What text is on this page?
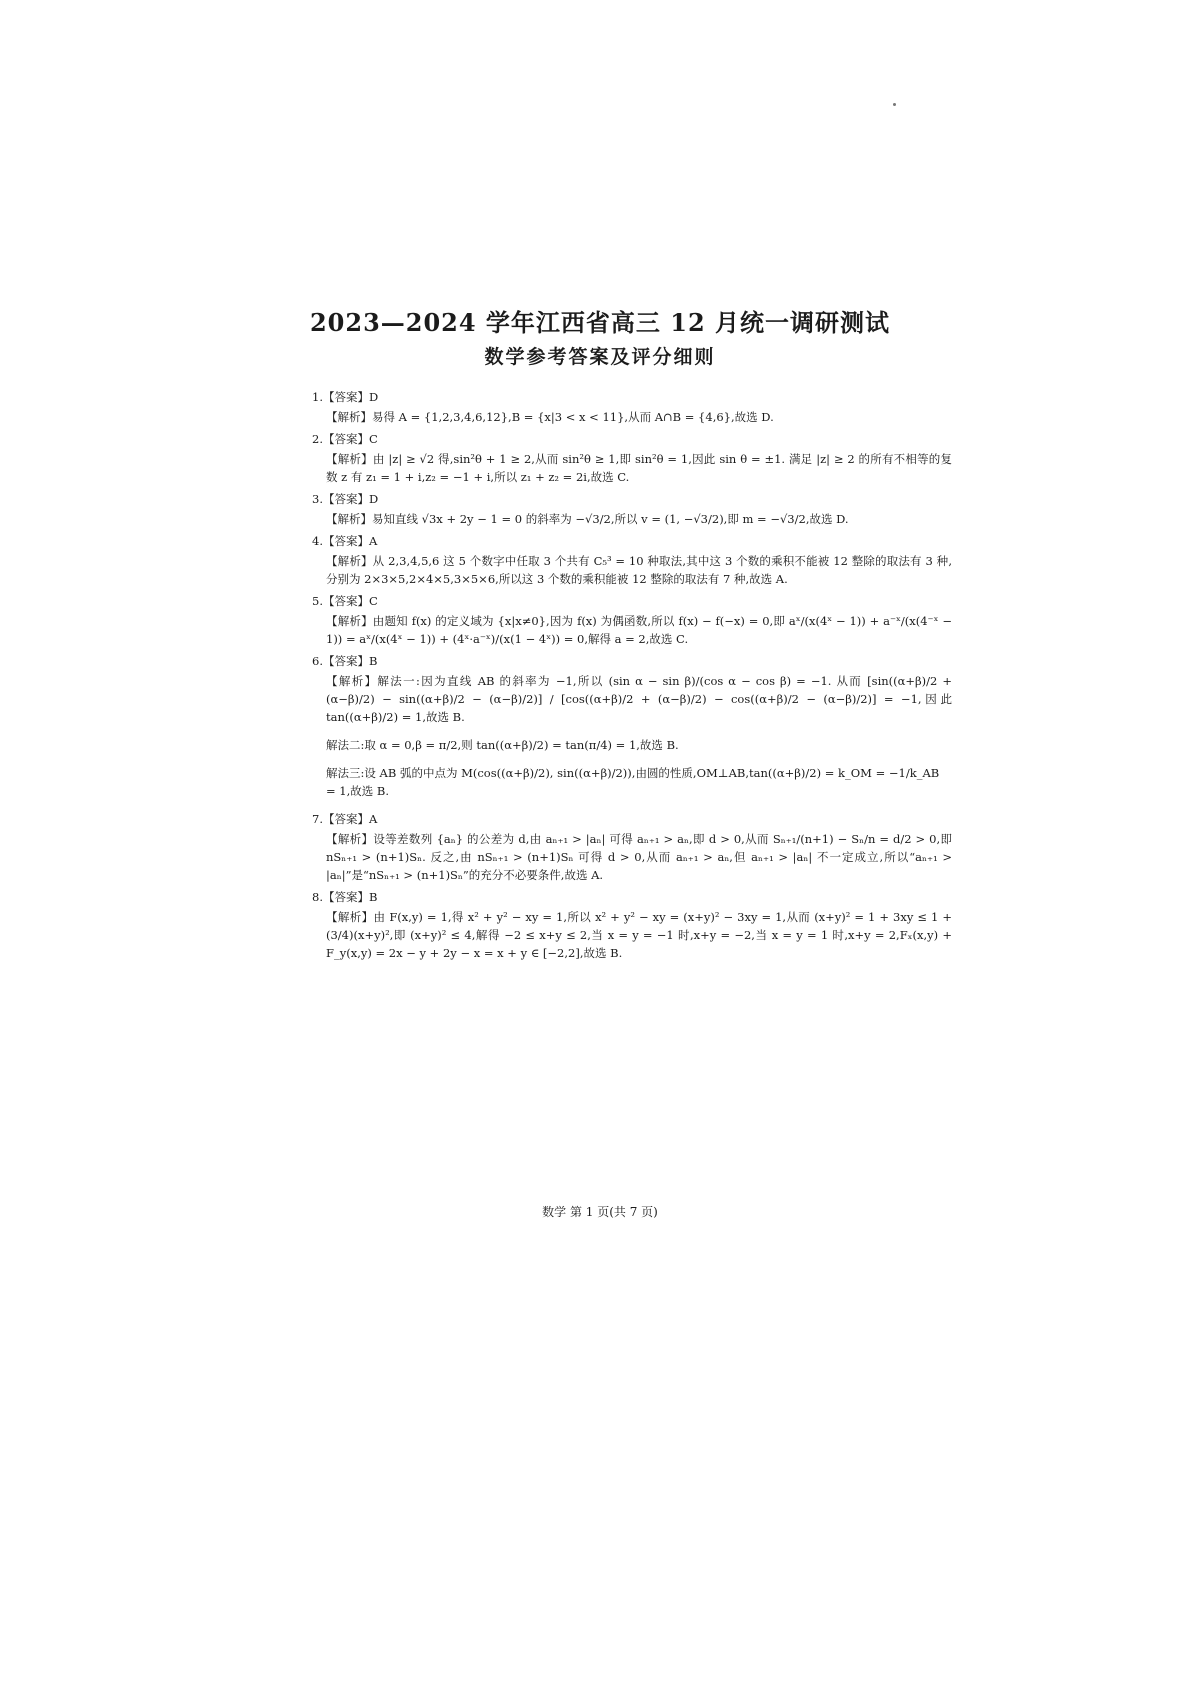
2023—2024 学年江西省高三 12 月统一调研测试
数学参考答案及评分细则

1.【答案】D

【解析】易得 A = {1,2,3,4,6,12},B = {x|3 < x < 11},从而 A∩B = {4,6},故选 D.

2.【答案】C

【解析】由 |z| ≥ √2 得,sin²θ + 1 ≥ 2,从而 sin²θ ≥ 1,即 sin²θ = 1,因此 sin θ = ±1. 满足 |z| ≥ 2 的所有不相等的复数 z 有 z₁ = 1 + i,z₂ = −1 + i,所以 z₁ + z₂ = 2i,故选 C.

3.【答案】D

【解析】易知直线 √3x + 2y − 1 = 0 的斜率为 −√3/2,所以 v = (1, −√3/2),即 m = −√3/2,故选 D.

4.【答案】A

【解析】从 2,3,4,5,6 这 5 个数字中任取 3 个共有 C₅³ = 10 种取法,其中这 3 个数的乘积不能被 12 整除的取法有 3 种,分别为 2×3×5,2×4×5,3×5×6,所以这 3 个数的乘积能被 12 整除的取法有 7 种,故选 A.

5.【答案】C

【解析】由题知 f(x) 的定义域为 {x|x≠0},因为 f(x) 为偶函数,所以 f(x) − f(−x) = 0,即 aˣ/(x(4ˣ − 1)) + a⁻ˣ/(x(4⁻ˣ − 1)) = aˣ/(x(4ˣ − 1)) + (4ˣ·a⁻ˣ)/(x(1 − 4ˣ)) = 0,解得 a = 2,故选 C.

6.【答案】B

【解析】解法一:因为直线 AB 的斜率为 −1,所以 (sin α − sin β)/(cos α − cos β) = −1. 从而 [sin((α+β)/2 + (α−β)/2) − sin((α+β)/2 − (α−β)/2)] / [cos((α+β)/2 + (α−β)/2) − cos((α+β)/2 − (α−β)/2)] = −1,因此 tan((α+β)/2) = 1,故选 B.

解法二:取 α = 0,β = π/2,则 tan((α+β)/2) = tan(π/4) = 1,故选 B.

解法三:设 AB 弧的中点为 M(cos((α+β)/2), sin((α+β)/2)),由圆的性质,OM⊥AB,tan((α+β)/2) = k_OM = −1/k_AB = 1,故选 B.

7.【答案】A

【解析】设等差数列 {aₙ} 的公差为 d,由 aₙ₊₁ > |aₙ| 可得 aₙ₊₁ > aₙ,即 d > 0,从而 Sₙ₊₁/(n+1) − Sₙ/n = d/2 > 0,即 nSₙ₊₁ > (n+1)Sₙ. 反之,由 nSₙ₊₁ > (n+1)Sₙ 可得 d > 0,从而 aₙ₊₁ > aₙ,但 aₙ₊₁ > |aₙ| 不一定成立,所以“aₙ₊₁ > |aₙ|”是“nSₙ₊₁ > (n+1)Sₙ”的充分不必要条件,故选 A.

8.【答案】B

【解析】由 F(x,y) = 1,得 x² + y² − xy = 1,所以 x² + y² − xy = (x+y)² − 3xy = 1,从而 (x+y)² = 1 + 3xy ≤ 1 + (3/4)(x+y)²,即 (x+y)² ≤ 4,解得 −2 ≤ x+y ≤ 2,当 x = y = −1 时,x+y = −2,当 x = y = 1 时,x+y = 2,Fₓ(x,y) + F_y(x,y) = 2x − y + 2y − x = x + y ∈ [−2,2],故选 B.

数学 第 1 页(共 7 页)
